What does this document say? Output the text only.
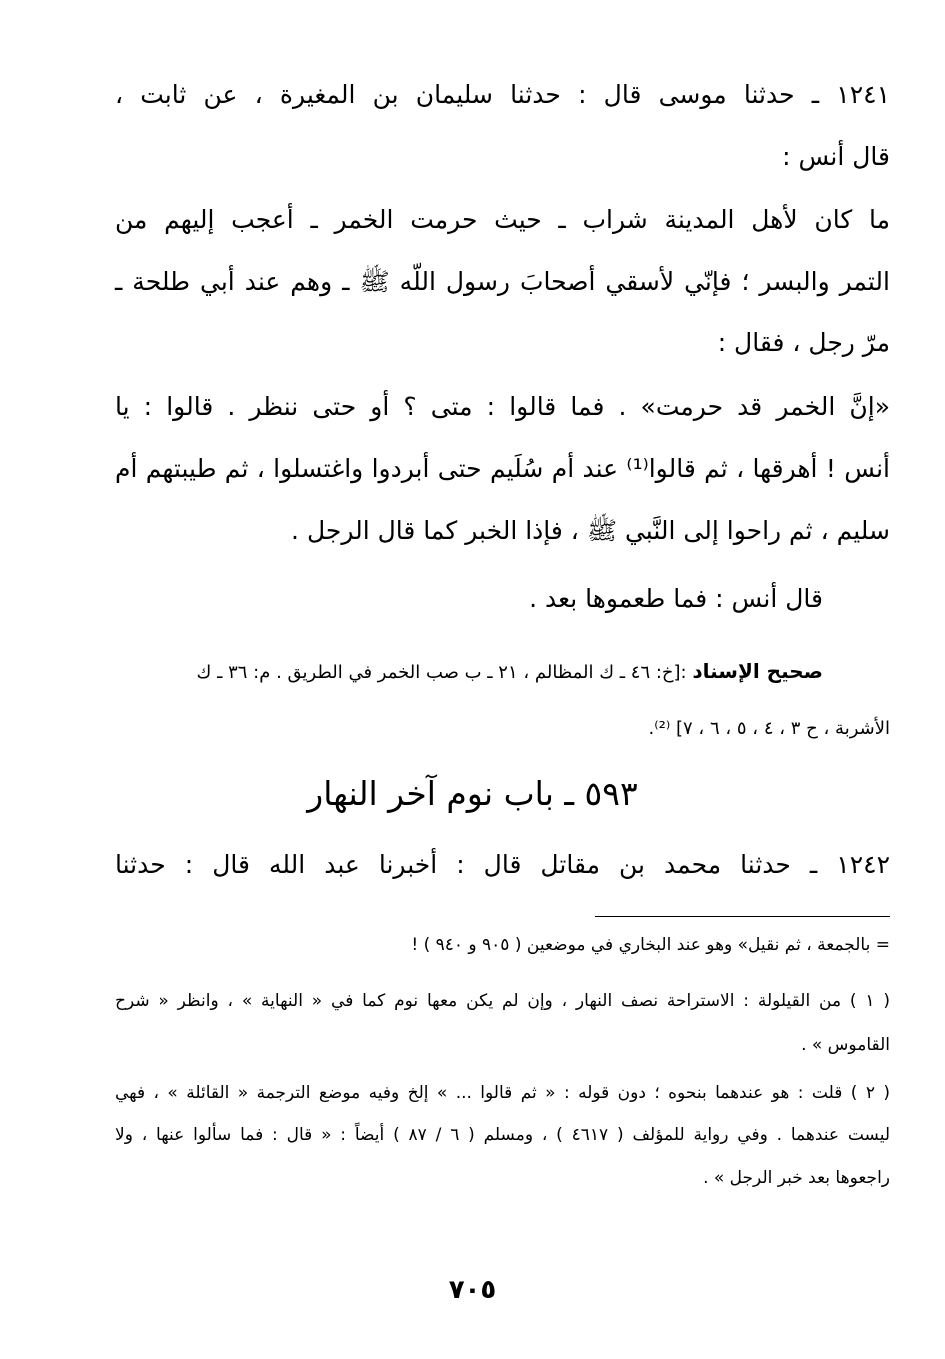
١٢٤١ ـ حدثنا موسى قال : حدثنا سليمان بن المغيرة ، عن ثابت ،
قال أنس :
ما كان لأهل المدينة شراب ـ حيث حرمت الخمر ـ أعجب إليهم من
التمر والبسر ؛ فإنّي لأسقي أصحابَ رسول اللّه ﷺ ـ وهم عند أبي طلحة ـ
مرّ رجل ، فقال :
«إنَّ الخمر قد حرمت» . فما قالوا : متى ؟ أو حتى ننظر . قالوا : يا
أنس ! أهرقها ، ثم قالوا⁽¹⁾ عند أم سُلَيم حتى أبردوا واغتسلوا ، ثم طيبتهم أم
سليم ، ثم راحوا إلى النَّبي ﷺ ، فإذا الخبر كما قال الرجل .
قال أنس : فما طعموها بعد .
صحيح الإسناد :[خ: ٤٦ ـ ك المظالم ، ٢١ ـ ب صب الخمر في الطريق . م: ٣٦ ـ ك
الأشربة ، ح ٣ ، ٤ ، ٥ ، ٦ ، ٧] ⁽²⁾.
٥٩٣ ـ باب نوم آخر النهار
١٢٤٢ ـ حدثنا محمد بن مقاتل قال : أخبرنا عبد الله قال : حدثنا
= بالجمعة ، ثم نقيل» وهو عند البخاري في موضعين ( ٩٠٥ و ٩٤٠ ) !
( ١ ) من القيلولة : الاستراحة نصف النهار ، وإن لم يكن معها نوم كما في « النهاية » ، وانظر « شرح
القاموس » .
( ٢ ) قلت : هو عندهما بنحوه ؛ دون قوله : « ثم قالوا ... » إلخ وفيه موضع الترجمة « القائلة » ، فهي
ليست عندهما . وفي رواية للمؤلف ( ٤٦١٧ ) ، ومسلم ( ٦ / ٨٧ ) أيضاً : « قال : فما سألوا عنها ، ولا
راجعوها بعد خبر الرجل » .
٧٠٥
